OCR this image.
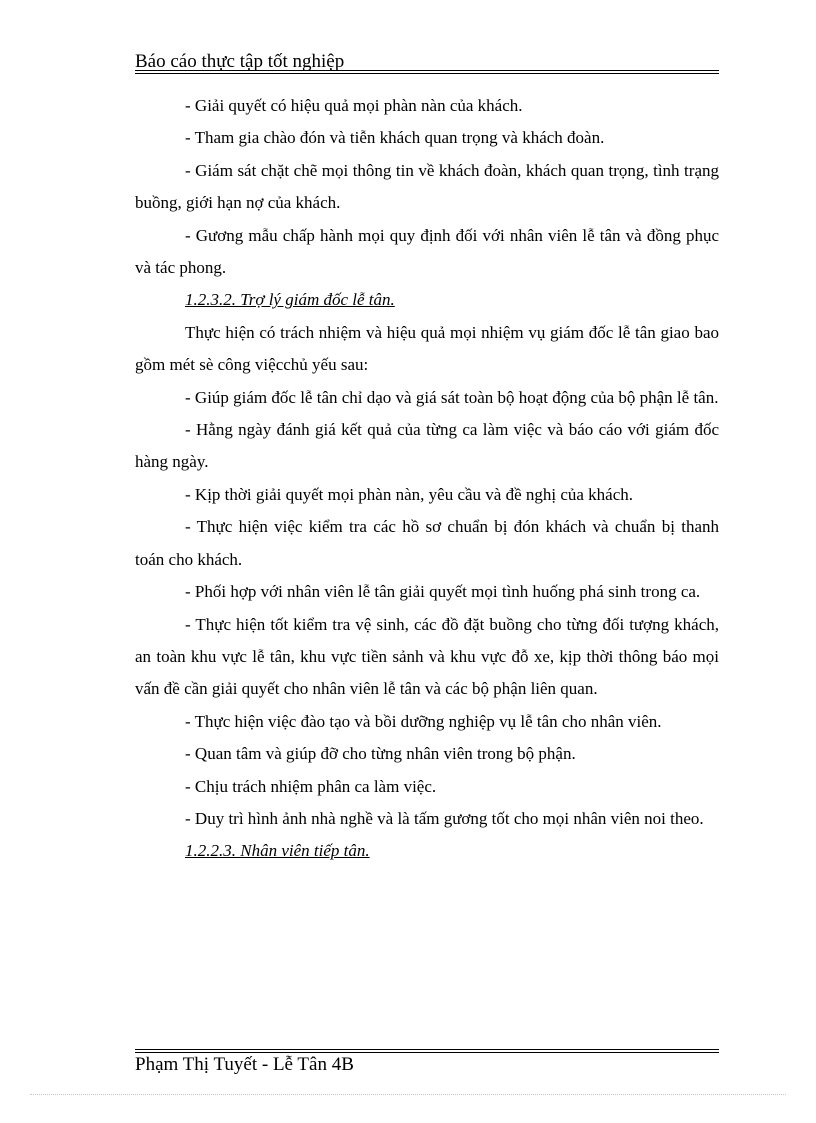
Báo cáo thực tập tốt nghiệp

- Giải quyết có hiệu quả mọi phàn nàn của khách.

- Tham gia chào đón và tiễn khách quan trọng và khách đoàn.

- Giám sát chặt chẽ mọi thông tin về khách đoàn, khách quan trọng, tình trạng buồng, giới hạn nợ của khách.

- Gương mẫu chấp hành mọi quy định đối với nhân viên lễ tân và đồng phục và tác phong.

1.2.3.2. Trợ lý giám đốc lễ tân.

Thực hiện có trách nhiệm và hiệu quả mọi nhiệm vụ giám đốc lễ tân giao bao gồm mét sè công việcchủ yếu sau:

- Giúp giám đốc lễ tân chỉ dạo và giá sát toàn bộ hoạt động của bộ phận lễ tân.

- Hằng ngày đánh giá kết quả của từng ca làm việc và báo cáo với giám đốc hàng ngày.

- Kịp thời giải quyết mọi phàn nàn, yêu cầu và đề nghị của khách.

- Thực hiện việc kiểm tra các hồ sơ chuẩn bị đón khách và chuẩn bị thanh toán cho khách.

- Phối hợp với nhân viên lễ tân giải quyết mọi tình huống phá sinh trong ca.

- Thực hiện tốt kiểm tra vệ sinh, các đồ đặt buồng cho từng đối tượng khách, an toàn khu vực lễ tân, khu vực tiền sảnh và khu vực đỗ xe, kịp thời thông báo mọi vấn đề cần giải quyết cho nhân viên lễ tân và các bộ phận liên quan.

- Thực hiện việc đào tạo và bồi dưỡng nghiệp vụ lễ tân cho nhân viên.

- Quan tâm và giúp đỡ cho từng nhân viên trong bộ phận.

- Chịu trách nhiệm phân ca làm việc.

- Duy trì hình ảnh nhà nghề và là tấm gương tốt cho mọi nhân viên noi theo.

1.2.2.3. Nhân viên tiếp tân.

Phạm Thị Tuyết - Lễ Tân 4B
